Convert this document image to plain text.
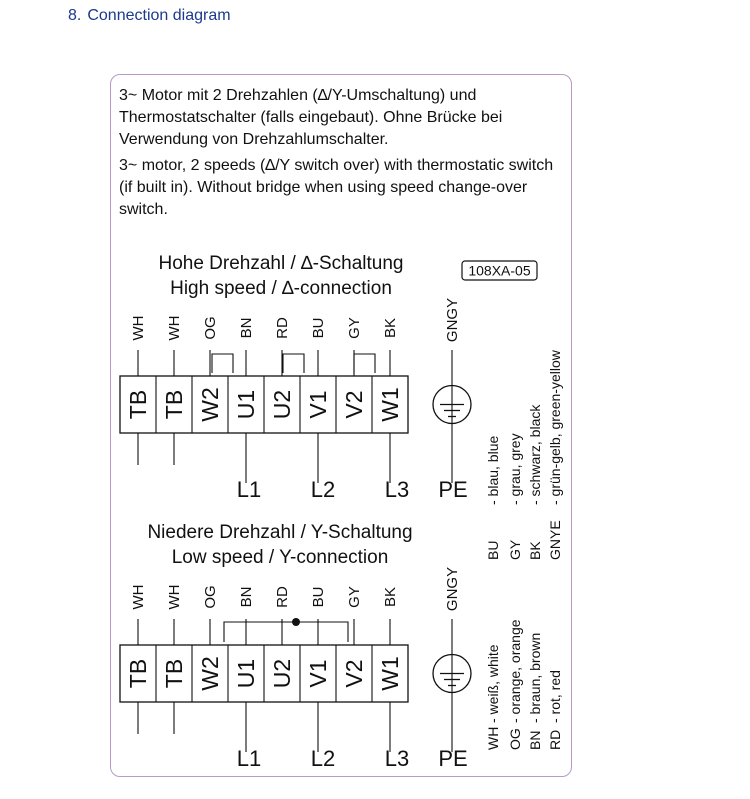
8. Connection diagram
3~ Motor mit 2 Drehzahlen (∆/Y-Umschaltung) und Thermostatschalter (falls eingebaut). Ohne Brücke bei Verwendung von Drehzahlumschalter.
3~ motor, 2 speeds (∆/Y switch over) with thermostatic switch (if built in). Without bridge when using speed change-over switch.
108XA-05
Hohe Drehzahl / ∆-Schaltung
High speed / ∆-connection
Niedere Drehzahl / Y-Schaltung
Low speed / Y-connection
WH
TB
WH
TB
OG
W2
BN
U1
RD
U2
BU
V1
GY
V2
BK
W1
L1 L2 L3 PE
GNGY
WH
TB
WH
TB
OG
W2
BN
U1
RD
U2
BU
V1
GY
V2
BK
W1
L1 L2 L3 PE
GNGY
BU
- blau, blue
GY
- grau, grey
BK
- schwarz, black
GNYE
- grün-gelb, green-yellow
WH
- weiß, white
OG
- orange, orange
BN
- braun, brown
RD
- rot, red
